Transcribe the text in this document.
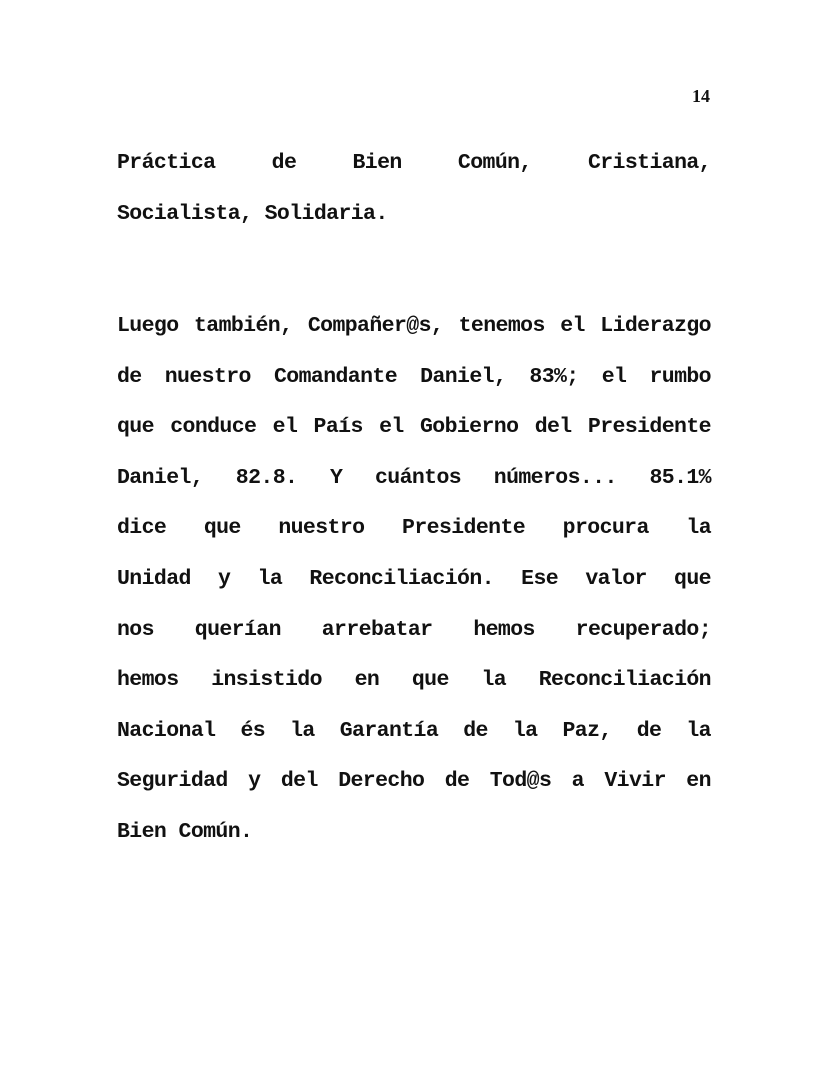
14
Práctica	de	Bien	Común,	Cristiana,
Socialista, Solidaria.
Luego también, Compañer@s, tenemos el Liderazgo
de nuestro Comandante Daniel, 83%; el rumbo
que conduce el País el Gobierno del Presidente
Daniel, 82.8. Y cuántos números... 85.1%
dice que nuestro Presidente procura la
Unidad y la Reconciliación. Ese valor que
nos querían arrebatar hemos recuperado;
hemos insistido en que la Reconciliación
Nacional és la Garantía de la Paz, de la
Seguridad y del Derecho de Tod@s a Vivir en
Bien Común.
